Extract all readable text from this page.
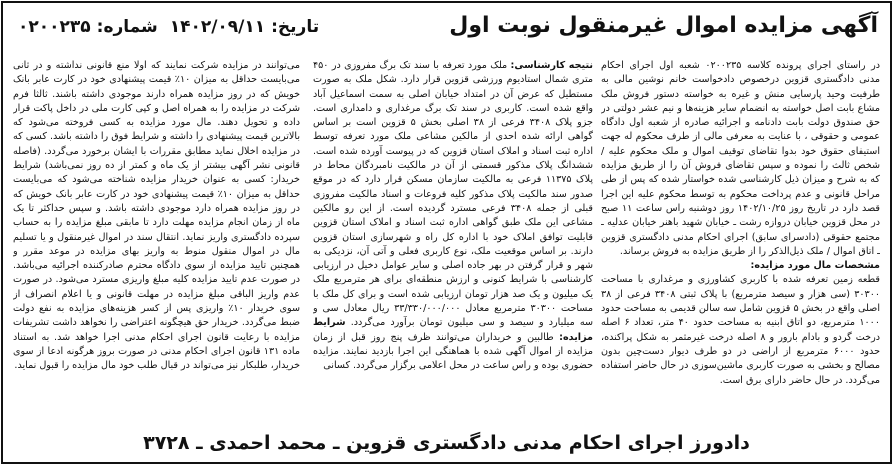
آگهی مزایده اموال غیرمنقول نوبت اول
تاریخ:۱۴۰۲/۰۹/۱۱ شماره:۰۲۰۰۲۳۵
در راستای اجرای پرونده کلاسه ۰۲۰۰۲۳۵ شعبه اول اجرای احکام مدنی دادگستری قزوین درخصوص دادخواست خانم نوشین مالی به طرفیت وحید پارسایی منش و غیره به خواسته دستور فروش ملک مشاع بابت اصل خواسته به انضمام سایر هزینه‌ها و نیم عشر دولتی در حق صندوق دولت بابت دادنامه و اجرائیه صادره از شعبه اول دادگاه عمومی و حقوقی ، با عنایت به معرفی مالی از طرف محکوم له جهت استیفای حقوق خود بدوا تقاضای توقیف اموال و ملک محکوم علیه / شخص ثالث را نموده و سپس تقاضای فروش آن را از طریق مزایده که به شرح و میزان ذیل کارشناسی شده خواستار شده که پس از طی مراحل قانونی و عدم پرداخت محکوم به توسط محکوم علیه این اجرا قصد دارد در تاریخ روز ۱۴۰۲/۱۰/۲۵ روز دوشنبه راس ساعت ۱۱ صبح در محل قزوین خیابان دروازه رشت ـ خیابان شهید باهنر خیابان عدلیه ـ مجتمع حقوقی (دادسرای سابق) اجرای احکام مدنی دادگستری قزوین ـ اتاق اموال / ملک ذیل‌الذکر را از طریق مزایده به فروش برساند.
مشخصات مال مورد مزایده:
قطعه زمین تعرفه شده با کاربری کشاورزی و مرغداری با مساحت ۳۰۳۰۰ (سی هزار و سیصد مترمربع) با پلاک ثبتی ۳۴۰۸ فرعی از ۳۸ اصلی واقع در بخش ۵ قزوین شامل سه سالن قدیمی به مساحت حدود ۱۰۰۰ مترمربع، دو اتاق ابنیه به مساحت حدود ۴۰ متر، تعداد ۶ اصله درخت گردو و بادام بارور و ۸ اصله درخت غیرمثمر به شکل پراکنده، حدود ۶۰۰۰ مترمربع از اراضی در دو طرف دیوار دست‌چین بدون مصالح و بخشی به صورت کاربری ماشین‌سوزی در حال حاضر استفاده می‌گردد. در حال حاضر دارای برق است.
نتیجه کارشناسی: ملک مورد تعرفه با سند تک برگ مفروزی در ۴۵۰ متری شمال استادیوم ورزشی قزوین قرار دارد. شکل ملک به صورت مستطیل که عرض آن در امتداد خیابان اصلی به سمت اسماعیل آباد واقع شده است. کاربری در سند تک برگ مرغداری و دامداری است. جزو پلاک ۳۴۰۸ فرعی از ۳۸ اصلی بخش ۵ قزوین است بر اساس گواهی ارائه شده احدی از مالکین مشاعی ملک مورد تعرفه توسط اداره ثبت اسناد و املاک استان قزوین که در پیوست آورده شده است. ششدانگ پلاک مذکور قسمتی از آن در مالکیت نامبردگان محاط در پلاک ۱۱۳۷۵ فرعی به مالکیت سازمان مسکن قرار دارد که در موقع صدور سند مالکیت پلاک مذکور کلیه فروعات و اسناد مالکیت مفروزی قبلی از جمله ۳۴۰۸ فرعی مسترد گردیده است. از این رو مالکین مشاعی این ملک طبق گواهی اداره ثبت اسناد و املاک استان قزوین قابلیت توافق املاک خود با اداره کل راه و شهرسازی استان قزوین دارند. بر اساس موقعیت ملک، نوع کاربری فعلی و آتی آن، نزدیکی به شهر و قرار گرفتن در بهر جاده اصلی و سایر عوامل دخیل در ارزیابی کارشناسی با شرایط کنونی و ارزش منطقه‌ای برای هر مترمربع ملک یک میلیون و یک صد هزار تومان ارزیابی شده است و برای کل ملک با مساحت ۳۰۳۰۰ مترمربع معادل ۳۳/۳۳۰/۰۰۰/۰۰۰ ریال معادل سی و سه میلیارد و سیصد و سی میلیون تومان برآورد می‌گردد. شرایط مزایده: طالبین و خریداران می‌توانند ظرف پنج روز قبل از زمان مزایده از اموال آگهی شده با هماهنگی این اجرا بازدید نمایند. مزایده حضوری بوده و راس ساعت در محل اعلامی برگزار می‌گردد. کسانی
می‌توانند در مزایده شرکت نمایند که اولا منع قانونی نداشته و در ثانی می‌بایست حداقل به میزان ۱۰٪ قیمت پیشنهادی خود در کارت عابر بانک خویش که در روز مزایده همراه دارند موجودی داشته باشند. ثالثا فرم شرکت در مزایده را به همراه اصل و کپی کارت ملی در داخل پاکت قرار داده و تحویل دهند. مال مورد مزایده به کسی فروخته می‌شود که بالاترین قیمت پیشنهادی را داشته و شرایط فوق را داشته باشد. کسی که در مزایده اخلال نماید مطابق مقررات با ایشان برخورد می‌گردد. (فاصله قانونی نشر آگهی بیشتر از یک ماه و کمتر از ده روز نمی‌باشد) شرایط خریدار: کسی به عنوان خریدار مزایده شناخته می‌شود که می‌بایست حداقل به میزان ۱۰٪ قیمت پیشنهادی خود در کارت عابر بانک خویش که در روز مزایده همراه دارد موجودی داشته باشد. و سپس حداکثر تا یک ماه از زمان انجام مزایده مهلت دارد تا مابقی مبلغ مزایده را به حساب سپرده دادگستری واریز نماید. انتقال سند در اموال غیرمنقول و یا تسلیم مال در اموال منقول منوط به واریز بهای مزایده در موعد مقرر و همچنین تایید مزایده از سوی دادگاه محترم صادرکننده اجرائیه می‌باشد. در صورت عدم تایید مزایده کلیه مبلغ واریزی مسترد می‌شود. در صورت عدم واریز الباقی مبلغ مزایده در مهلت قانونی و یا اعلام انصراف از سوی خریدار ۱۰٪ واریزی پس از کسر هزینه‌های مزایده به نفع دولت ضبط می‌گردد. خریدار حق هیچگونه اعتراضی را نخواهد داشت تشریفات مزایده با رعایت قانون اجرای احکام مدنی اجرا خواهد شد. به استناد ماده ۱۳۱ قانون اجرای احکام مدنی در صورت بروز هرگونه ادعا از سوی خریدار، طلبکار نیز می‌تواند در قبال طلب خود مال مزایده را قبول نماید.
دادورز اجرای احکام مدنی دادگستری قزوین ـ محمد احمدی ـ ۳۷۲۸
